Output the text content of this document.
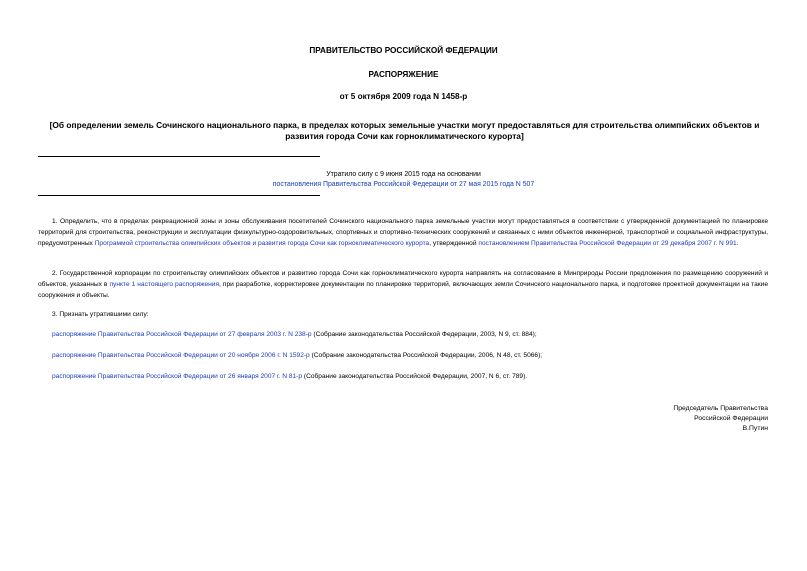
ПРАВИТЕЛЬСТВО РОССИЙСКОЙ ФЕДЕРАЦИИ
РАСПОРЯЖЕНИЕ
от 5 октября 2009 года N 1458-р
[Об определении земель Сочинского национального парка, в пределах которых земельные участки могут предоставляться для строительства олимпийских объектов и развития города Сочи как горноклиматического курорта]
Утратило силу с 9 июня 2015 года на основании
постановления Правительства Российской Федерации от 27 мая 2015 года N 507
1. Определить, что в пределах рекреационной зоны и зоны обслуживания посетителей Сочинского национального парка земельные участки могут предоставляться в соответствии с утвержденной документацией по планировке территорий для строительства, реконструкции и эксплуатации физкультурно-оздоровительных, спортивных и спортивно-технических сооружений и связанных с ними объектов инженерной, транспортной и социальной инфраструктуры, предусмотренных Программой строительства олимпийских объектов и развития города Сочи как горноклиматического курорта, утвержденной постановлением Правительства Российской Федерации от 29 декабря 2007 г. N 991.
2. Государственной корпорации по строительству олимпийских объектов и развитию города Сочи как горноклиматического курорта направлять на согласование в Минприроды России предложения по размещению сооружений и объектов, указанных в пункте 1 настоящего распоряжения, при разработке, корректировке документации по планировке территорий, включающих земли Сочинского национального парка, и подготовке проектной документации на такие сооружения и объекты.
3. Признать утратившими силу:
распоряжение Правительства Российской Федерации от 27 февраля 2003 г. N 238-р (Собрание законодательства Российской Федерации, 2003, N 9, ст. 884);
распоряжение Правительства Российской Федерации от 20 ноября 2006 г. N 1592-р (Собрание законодательства Российской Федерации, 2006, N 48, ст. 5066);
распоряжение Правительства Российской Федерации от 26 января 2007 г. N 81-р (Собрание законодательства Российской Федерации, 2007, N 6, ст. 789).
Председатель Правительства
Российской Федерации
В.Путин
